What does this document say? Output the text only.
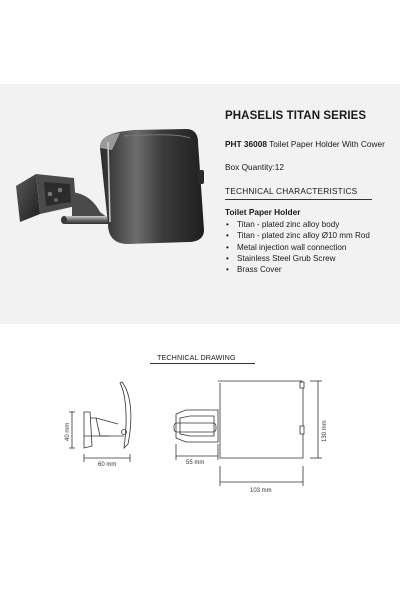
PHASELIS TITAN SERIES
PHT 36008 Toilet Paper Holder With Cower
Box Quantity:12
TECHNICAL CHARACTERISTICS
Toilet Paper Holder
• Titan - plated zinc alloy body
• Titan - plated zinc alloy Ø10 mm Rod
• Metal injection wall connection
• Stainless Steel Grub Screw
• Brass Cover
TECHNICAL DRAWING
40 mm
60 mm	55 mm
130 mm
103 mm
